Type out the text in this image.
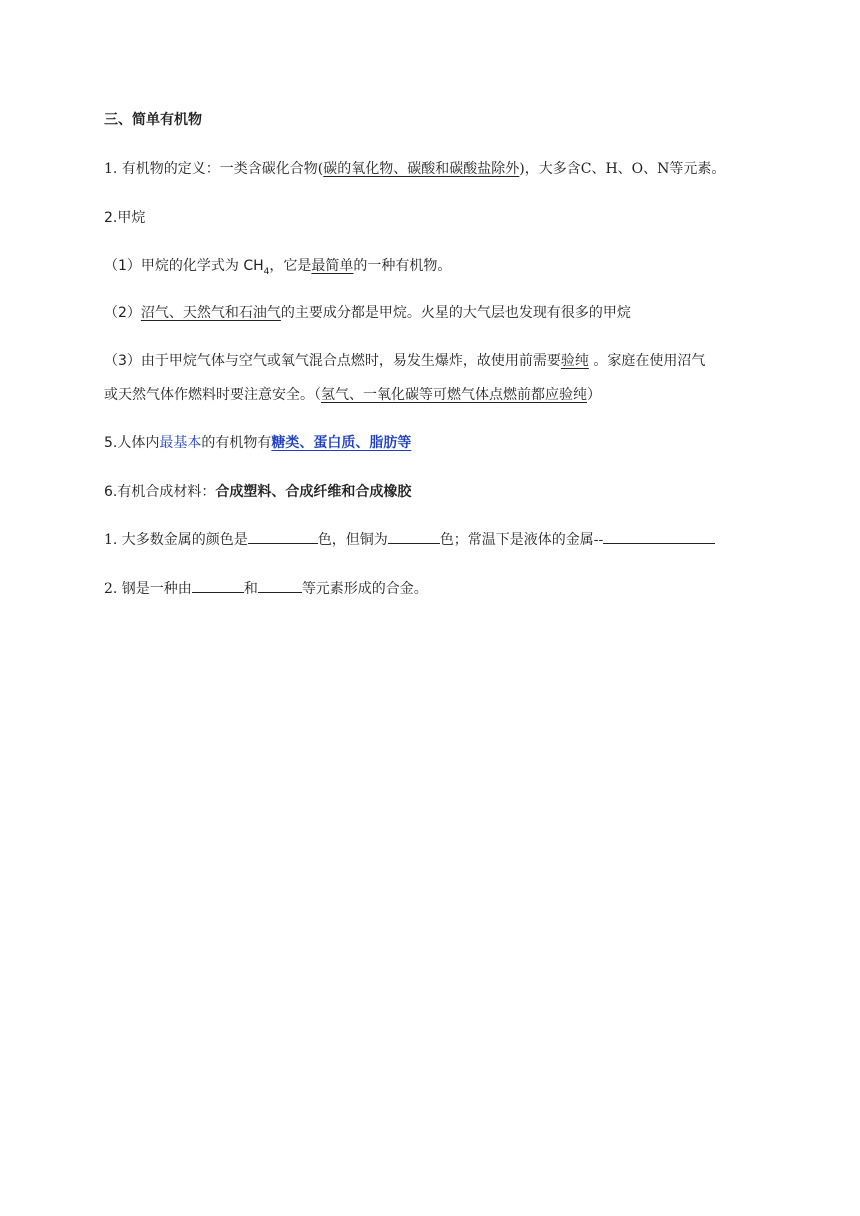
三、简单有机物
1. 有机物的定义：一类含碳化合物(碳的氧化物、碳酸和碳酸盐除外)，大多含C、H、O、N等元素。
2.甲烷
（1）甲烷的化学式为 $CH_4$，它是最简单的一种有机物。
（2）沼气、天然气和石油气的主要成分都是甲烷。火星的大气层也发现有很多的甲烷
（3）由于甲烷气体与空气或氧气混合点燃时，易发生爆炸，故使用前需要验纯 。家庭在使用沼气
或天然气体作燃料时要注意安全。（氢气、一氧化碳等可燃气体点燃前都应验纯）
5.人体内最基本的有机物有糖类、蛋白质、脂肪等
6.有机合成材料：合成塑料、合成纤维和合成橡胶
1. 大多数金属的颜色是	色，但铜为	色；常温下是液体的金属--
2. 钢是一种由	和	等元素形成的合金。
